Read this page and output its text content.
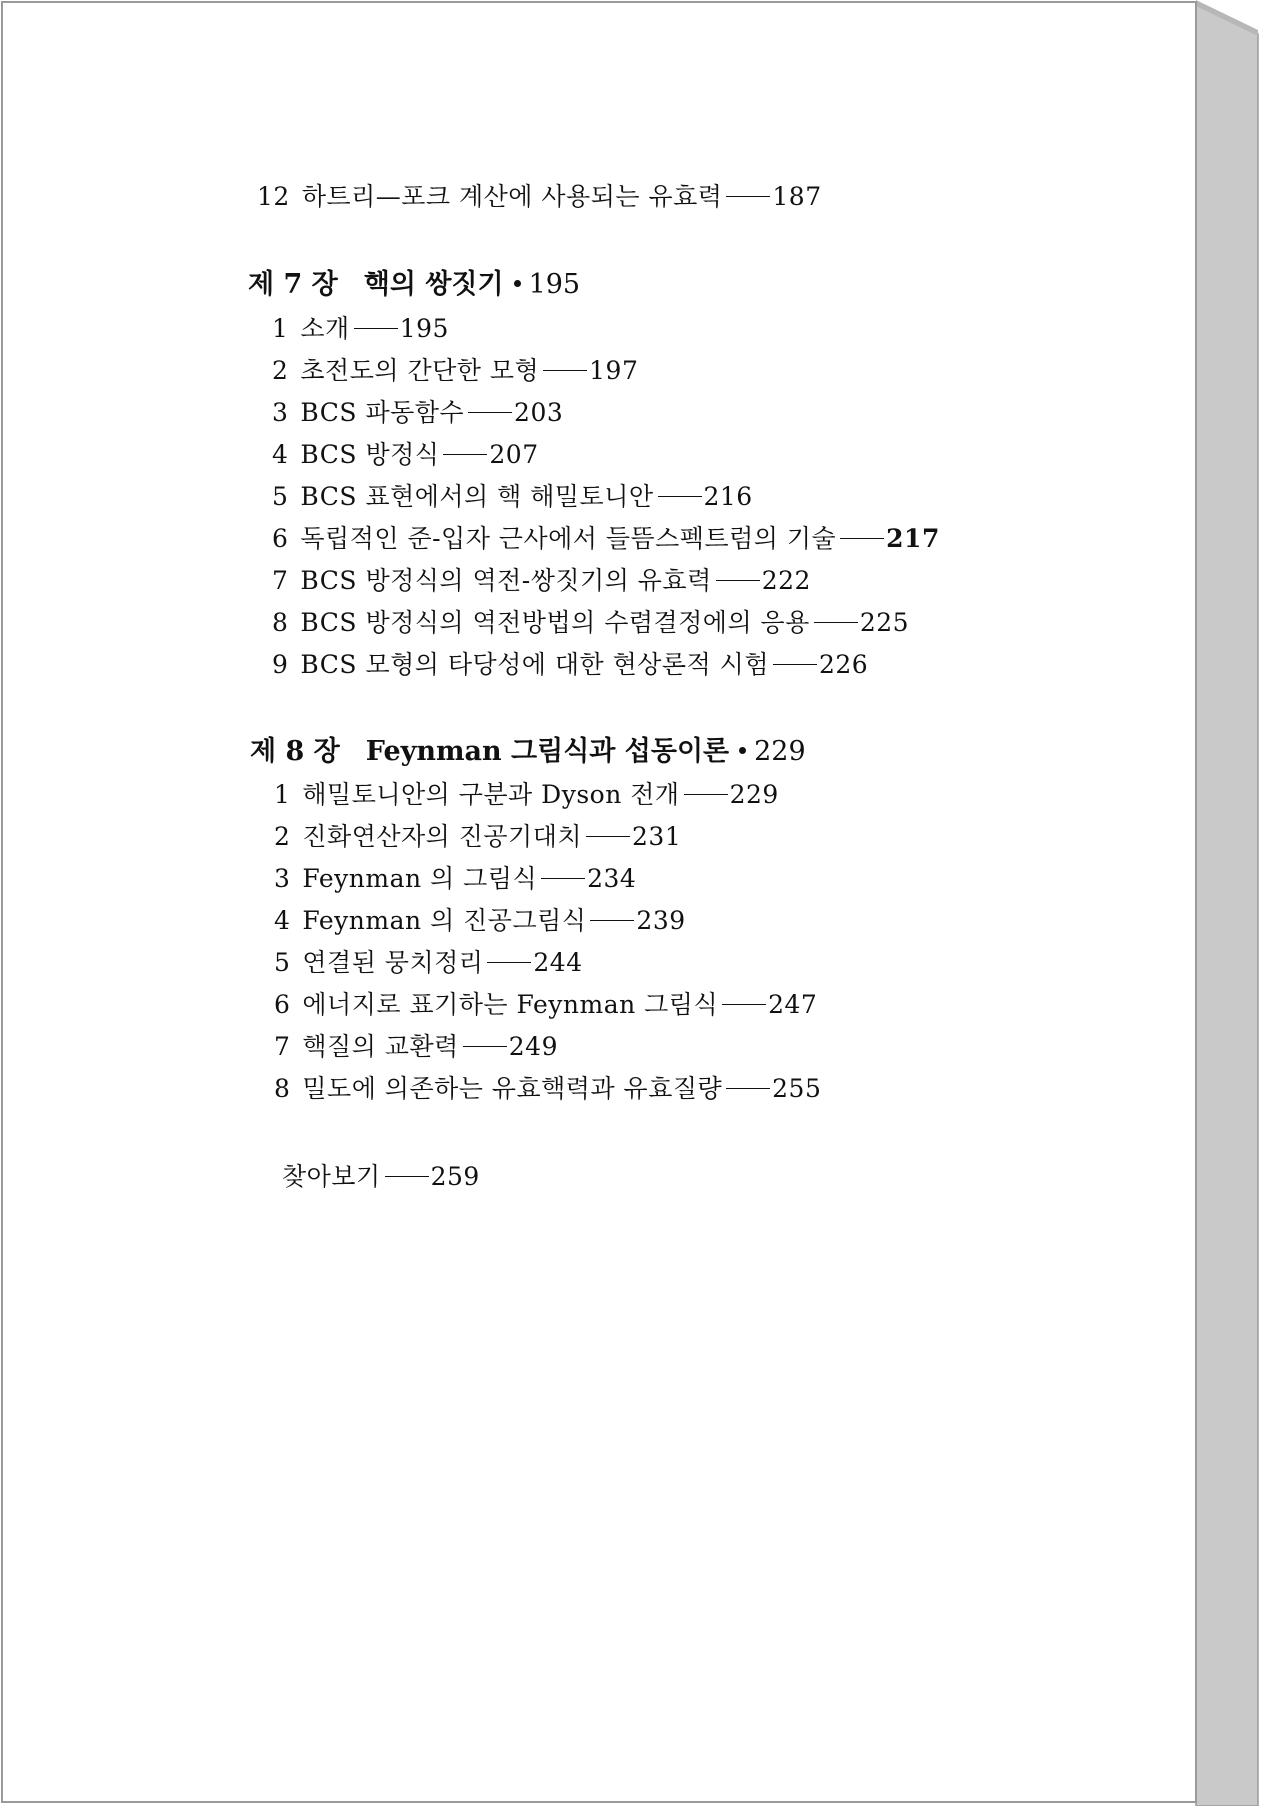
12 하트리—포크 계산에 사용되는 유효력 187
제 7 장 핵의 쌍짓기 195
1 소개 195
2 초전도의 간단한 모형 197
3 BCS 파동함수 203
4 BCS 방정식 207
5 BCS 표현에서의 핵 해밀토니안 216
6 독립적인 준-입자 근사에서 들뜸스펙트럼의 기술 217
7 BCS 방정식의 역전-쌍짓기의 유효력 222
8 BCS 방정식의 역전방법의 수렴결정에의 응용 225
9 BCS 모형의 타당성에 대한 현상론적 시험 226
제 8 장 Feynman 그림식과 섭동이론 229
1 해밀토니안의 구분과 Dyson 전개 229
2 진화연산자의 진공기대치 231
3 Feynman 의 그림식 234
4 Feynman 의 진공그림식 239
5 연결된 뭉치정리 244
6 에너지로 표기하는 Feynman 그림식 247
7 핵질의 교환력 249
8 밀도에 의존하는 유효핵력과 유효질량 255
찾아보기 259
